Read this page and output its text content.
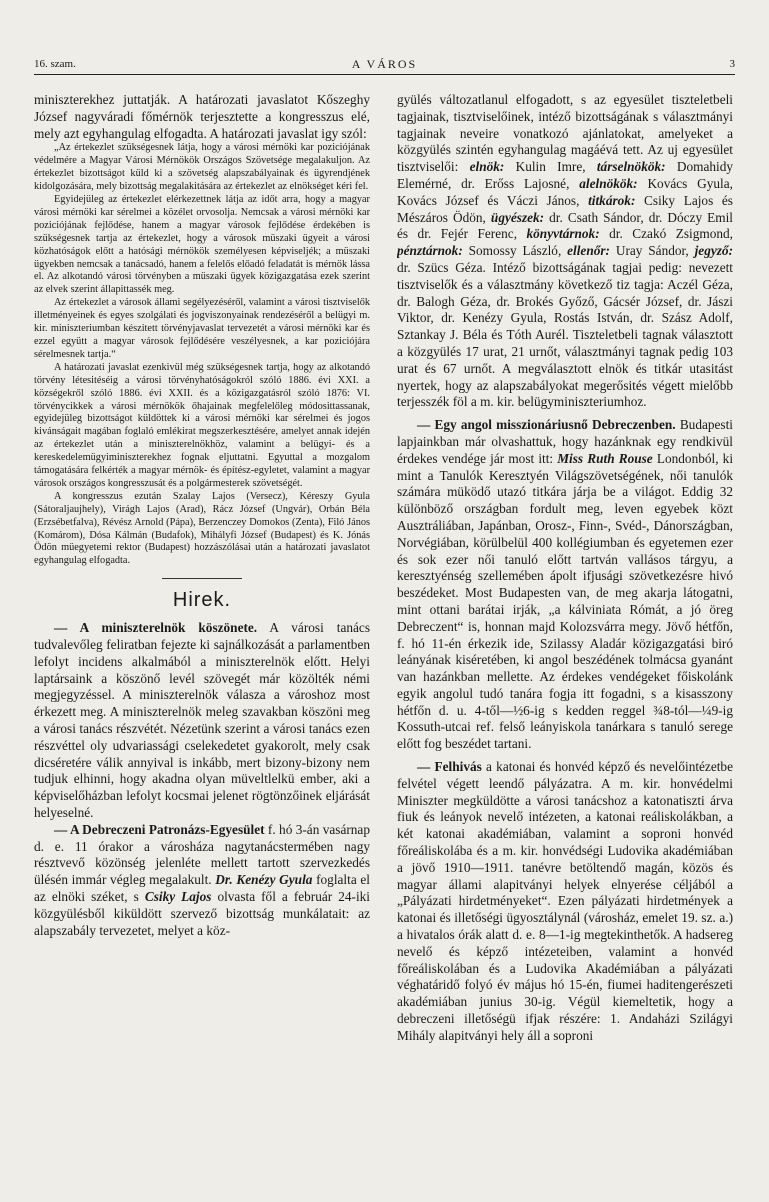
16. szam.	A VÁROS	3

miniszterekhez juttatják. A határozati javaslatot Kőszeghy József nagyváradi főmérnök terjesztette a kongresszus elé, mely azt egyhangulag elfogadta. A határozati javaslat igy szól:

„Az értekezlet szükségesnek látja, hogy a városi mérnöki kar poziciójának védelmére a Magyar Városi Mérnökök Országos Szövetsége megalakuljon. Az értekezlet bizottságot küld ki a szövetség alapszabályainak és ügyrendjének kidolgozására, mely bizottság megalakitására az értekezlet az elnökséget kéri fel.

Egyidejüleg az értekezlet elérkezettnek látja az időt arra, hogy a magyar városi mérnöki kar sérelmei a közélet orvosolja. Nemcsak a városi mérnöki kar poziciójának fejlődése, hanem a magyar városok fejlődése érdekében is szükségesnek tartja az értekezlet, hogy a városok müszaki ügyeit a városi közhatóságok előtt a hatósági mérnökök személyesen képviseljék; a müszaki ügyekben nemcsak a tanácsadó, hanem a felelős előadó feladatát is mérnök lássa el. Az alkotandó városi törvényben a müszaki ügyek közigazgatása ezek szerint az elvek szerint állapittassék meg.

Az értekezlet a városok állami segélyezéséről, valamint a városi tisztviselők illetményeinek és egyes szolgálati és jogviszonyainak rendezéséről a belügyi m. kir. miniszteriumban készitett törvényjavaslat tervezetét a városi mérnöki kar és ezzel együtt a magyar városok fejlődésére veszélyesnek, a kar poziciójára sérelmesnek tartja.“

A határozati javaslat ezenkivül még szükségesnek tartja, hogy az alkotandó törvény létesitéséig a városi törvényhatóságokról szóló 1886. évi XXI. a községekről szóló 1886. évi XXII. és a közigazgatásról szóló 1876: VI. törvénycikkek a városi mérnökök őhajainak megfelelőleg módosittassanak, egyidejüleg bizottságot küldöttek ki a városi mérnöki kar sérelmei és jogos kivánságait magában foglaló emlékirat megszerkesztésére, amelyet annak idején az értekezlet után a miniszterelnökhöz, valamint a belügyi- és a kereskedelemügyiminiszterekhez fognak eljuttatni. Egyuttal a mozgalom támogatására felkérték a magyar mérnök- és építész-egyletet, valamint a magyar városok országos kongresszusát és a polgármesterek szövetségét.

A kongresszus ezután Szalay Lajos (Versecz), Kéreszy Gyula (Sátoraljaujhely), Virágh Lajos (Arad), Rácz József (Ungvár), Orbán Béla (Erzsébetfalva), Révész Arnold (Pápa), Berzenczey Domokos (Zenta), Filó János (Komárom), Dósa Kálmán (Budafok), Mihályfi József (Budapest) és K. Jónás Ödön müegyetemi rektor (Budapest) hozzászólásai után a határozati javaslatot egyhangulag elfogadta.

Hirek.

— A miniszterelnök köszönete. A városi tanács tudvalevőleg feliratban fejezte ki sajnálkozását a parlamentben lefolyt incidens alkalmából a miniszterelnök előtt. Helyi laptársaink a köszönő levél szövegét már közölték némi megjegyzéssel. A miniszterelnök válasza a városhoz most érkezett meg. A miniszterelnök meleg szavakban köszöni meg a városi tanács részvétét. Nézetünk szerint a városi tanács ezen részvéttel oly udvariassági cselekedetet gyakorolt, mely csak dicséretére válik annyival is inkább, mert bizony-bizony nem tudjuk elhinni, hogy akadna olyan müveltlelkü ember, aki a képviselőházban lefolyt kocsmai jelenet rögtönzőinek eljárását helyeselné.

— A Debreczeni Patronázs-Egyesület f. hó 3-án vasárnap d. e. 11 órakor a városháza nagytanácstermében nagy résztvevő közönség jelenléte mellett tartott szervezkedés ülésén immár végleg megalakult. Dr. Kenézy Gyula foglalta el az elnöki széket, s Csiky Lajos olvasta fől a február 24-iki közgyülésből kiküldött szervező bizottság munkálatait: az alapszabály tervezetet, melyet a köz-

gyülés változatlanul elfogadott, s az egyesület tiszteletbeli tagjainak, tisztviselőinek, intéző bizottságának s választmányi tagjainak neveire vonatkozó ajánlatokat, amelyeket a közgyülés szintén egyhangulag magáévá tett. Az uj egyesület tisztviselői: elnök: Kulin Imre, társelnökök: Domahidy Elemérné, dr. Erőss Lajosné, alelnökök: Kovács Gyula, Kovács József és Váczi János, titkárok: Csiky Lajos és Mészáros Ödön, ügyészek: dr. Csath Sándor, dr. Dóczy Emil és dr. Fejér Ferenc, könyvtárnok: dr. Czakó Zsigmond, pénztárnok: Somossy László, ellenőr: Uray Sándor, jegyző: dr. Szücs Géza. Intéző bizottságának tagjai pedig: nevezett tisztviselők és a választmány következő tiz tagja: Aczél Géza, dr. Balogh Géza, dr. Brokés Győző, Gácsér József, dr. Jászi Viktor, dr. Kenézy Gyula, Rostás István, dr. Szász Adolf, Sztankay J. Béla és Tóth Aurél. Tiszteletbeli tagnak választott a közgyülés 17 urat, 21 urnőt, választmányi tagnak pedig 103 urat és 67 urnőt. A megválasztott elnök és titkár utasitást nyertek, hogy az alapszabályokat megerősités végett mielőbb terjesszék föl a m. kir. belügyminiszteriumhoz.

— Egy angol misszionáriusnő Debreczenben. Budapesti lapjainkban már olvashattuk, hogy hazánknak egy rendkivül érdekes vendége jár most itt: Miss Ruth Rouse Londonból, ki mint a Tanulók Keresztyén Világszövetségének, női tanulók számára müködő utazó titkára járja be a világot. Eddig 32 különböző országban fordult meg, leven egyebek közt Ausztráliában, Japánban, Orosz-, Finn-, Svéd-, Dánországban, Norvégiában, körülbelül 400 kollégiumban és egyetemen ezer és sok ezer női tanuló előtt tartván vallásos tárgyu, a keresztyénség szellemében ápolt ifjusági szövetkezésre hivó beszédeket. Most Budapesten van, de meg akarja látogatni, mint ottani barátai irják, „a kálviniata Rómát, a jó öreg Debreczent“ is, honnan majd Kolozsvárra megy. Jövő hétfőn, f. hó 11-én érkezik ide, Szilassy Aladár közigazgatási biró leányának kiséretében, ki angol beszédének tolmácsa gyanánt van hazánkban mellette. Az érdekes vendégeket főiskolánk egyik angolul tudó tanára fogja itt fogadni, s a kisasszony hétfőn d. u. 4-től—½6-ig s kedden reggel ¾8-tól—¼9-ig Kossuth-utcai ref. felső leányiskola tanárkara s tanuló serege előtt fog beszédet tartani.

— Felhivás a katonai és honvéd képző és nevelőintézetbe felvétel végett leendő pályázatra. A m. kir. honvédelmi Miniszter megküldötte a városi tanácshoz a katonatiszti árva fiuk és leányok nevelő intézeten, a katonai reáliskolákban, a két katonai akadémiában, valamint a soproni honvéd főreáliskolába és a m. kir. honvédségi Ludovika akadémiában a jövő 1910—1911. tanévre betöltendő magán, közös és magyar állami alapitványi helyek elnyerése céljából a „Pályázati hirdetményeket“. Ezen pályázati hirdetmények a katonai és illetőségi ügyosztálynál (városház, emelet 19. sz. a.) a hivatalos órák alatt d. e. 8—1-ig megtekinthetők. A hadsereg nevelő és képző intézeteiben, valamint a honvéd főreáliskolában és a Ludovika Akadémiában a pályázati véghatáridő folyó év május hó 15-én, fiumei haditengerészeti akadémiában junius 30-ig. Végül kiemeltetik, hogy a debreczeni illetőségü ifjak részére: 1. Andaházi Szilágyi Mihály alapitványi hely áll a soproni
